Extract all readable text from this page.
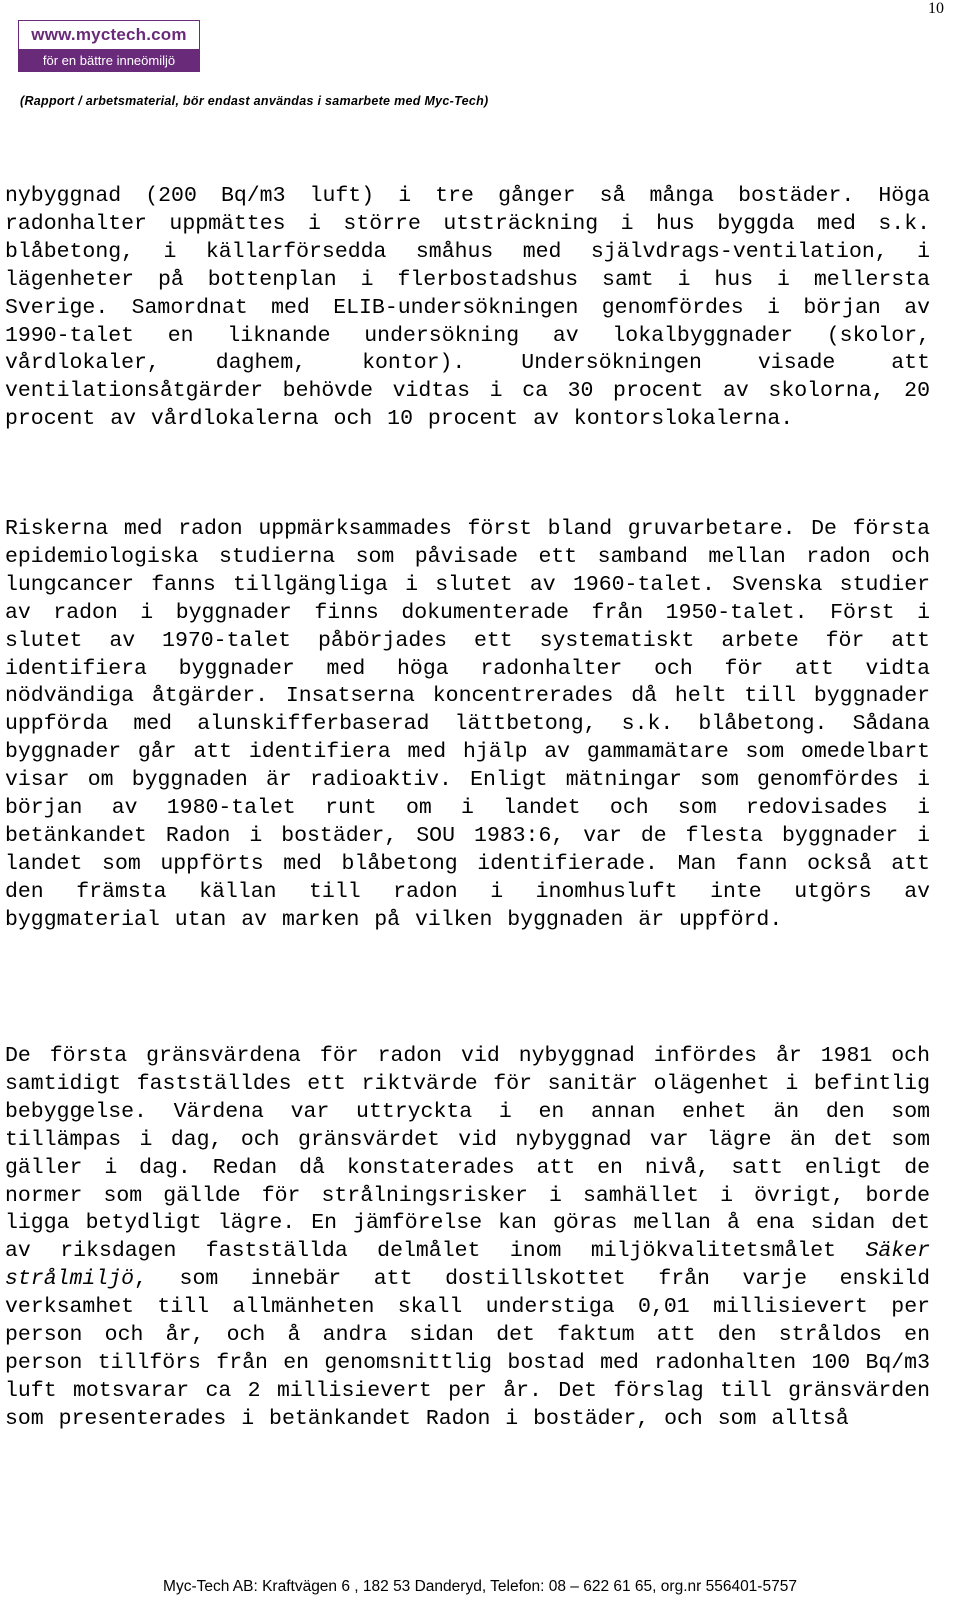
10
www.myctech.com
för en bättre inneömiljö
(Rapport / arbetsmaterial, bör endast användas i samarbete med Myc-Tech)

nybyggnad (200 Bq/m3 luft) i tre gånger så många bostäder. Höga radonhalter uppmättes i större utsträckning i hus byggda med s.k. blåbetong, i källarförsedda småhus med självdrags-ventilation, i lägenheter på bottenplan i flerbostadshus samt i hus i mellersta Sverige. Samordnat med ELIB-undersökningen genomfördes i början av 1990-talet en liknande undersökning av lokalbyggnader (skolor, vårdlokaler, daghem, kontor). Undersökningen visade att ventilationsåtgärder behövde vidtas i ca 30 procent av skolorna, 20 procent av vårdlokalerna och 10 procent av kontorslokalerna.

Riskerna med radon uppmärksammades först bland gruvarbetare. De första epidemiologiska studierna som påvisade ett samband mellan radon och lungcancer fanns tillgängliga i slutet av 1960-talet. Svenska studier av radon i byggnader finns dokumenterade från 1950-talet. Först i slutet av 1970-talet påbörjades ett systematiskt arbete för att identifiera byggnader med höga radonhalter och för att vidta nödvändiga åtgärder. Insatserna koncentrerades då helt till byggnader uppförda med alunskifferbaserad lättbetong, s.k. blåbetong. Sådana byggnader går att identifiera med hjälp av gammamätare som omedelbart visar om byggnaden är radioaktiv. Enligt mätningar som genomfördes i början av 1980-talet runt om i landet och som redovisades i betänkandet Radon i bostäder, SOU 1983:6, var de flesta byggnader i landet som uppförts med blåbetong identifierade. Man fann också att den främsta källan till radon i inomhusluft inte utgörs av byggmaterial utan av marken på vilken byggnaden är uppförd.

De första gränsvärdena för radon vid nybyggnad infördes år 1981 och samtidigt fastställdes ett riktvärde för sanitär olägenhet i befintlig bebyggelse. Värdena var uttryckta i en annan enhet än den som tillämpas i dag, och gränsvärdet vid nybyggnad var lägre än det som gäller i dag. Redan då konstaterades att en nivå, satt enligt de normer som gällde för strålningsrisker i samhället i övrigt, borde ligga betydligt lägre. En jämförelse kan göras mellan å ena sidan det av riksdagen fastställda delmålet inom miljökvalitetsmålet Säker strålmiljö, som innebär att dostillskottet från varje enskild verksamhet till allmänheten skall understiga 0,01 millisievert per person och år, och å andra sidan det faktum att den stråldos en person tillförs från en genomsnittlig bostad med radonhalten 100 Bq/m3 luft motsvarar ca 2 millisievert per år. Det förslag till gränsvärden som presenterades i betänkandet Radon i bostäder, och som alltså

Myc-Tech AB: Kraftvägen 6 , 182 53 Danderyd, Telefon: 08 – 622 61 65, org.nr 556401-5757
